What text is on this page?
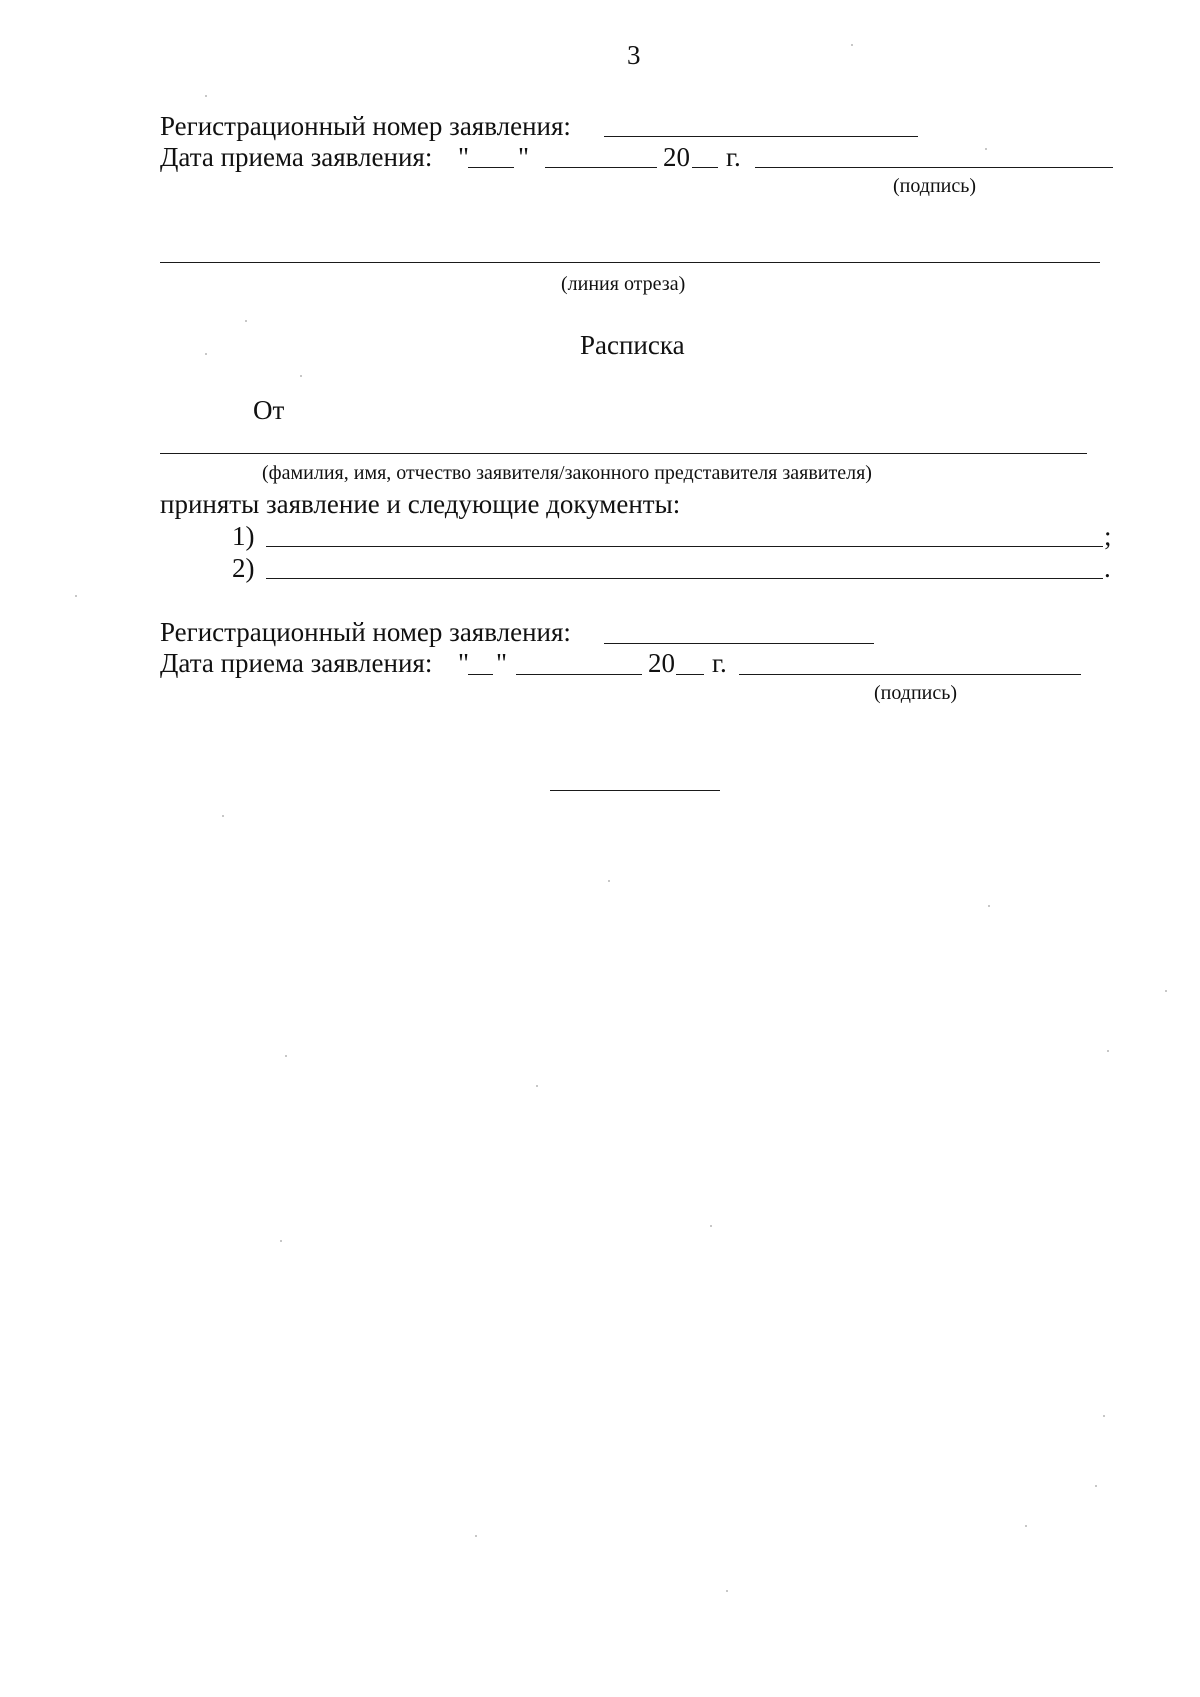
3
Регистрационный номер заявления:
Дата приема заявления: " "	20 г.
(подпись)
(линия отреза)
Расписка
От
(фамилия, имя, отчество заявителя/законного представителя заявителя)
приняты заявление и следующие документы:
1)	;
2)	.
Регистрационный номер заявления:
Дата приема заявления: " "	20 г.
(подпись)
